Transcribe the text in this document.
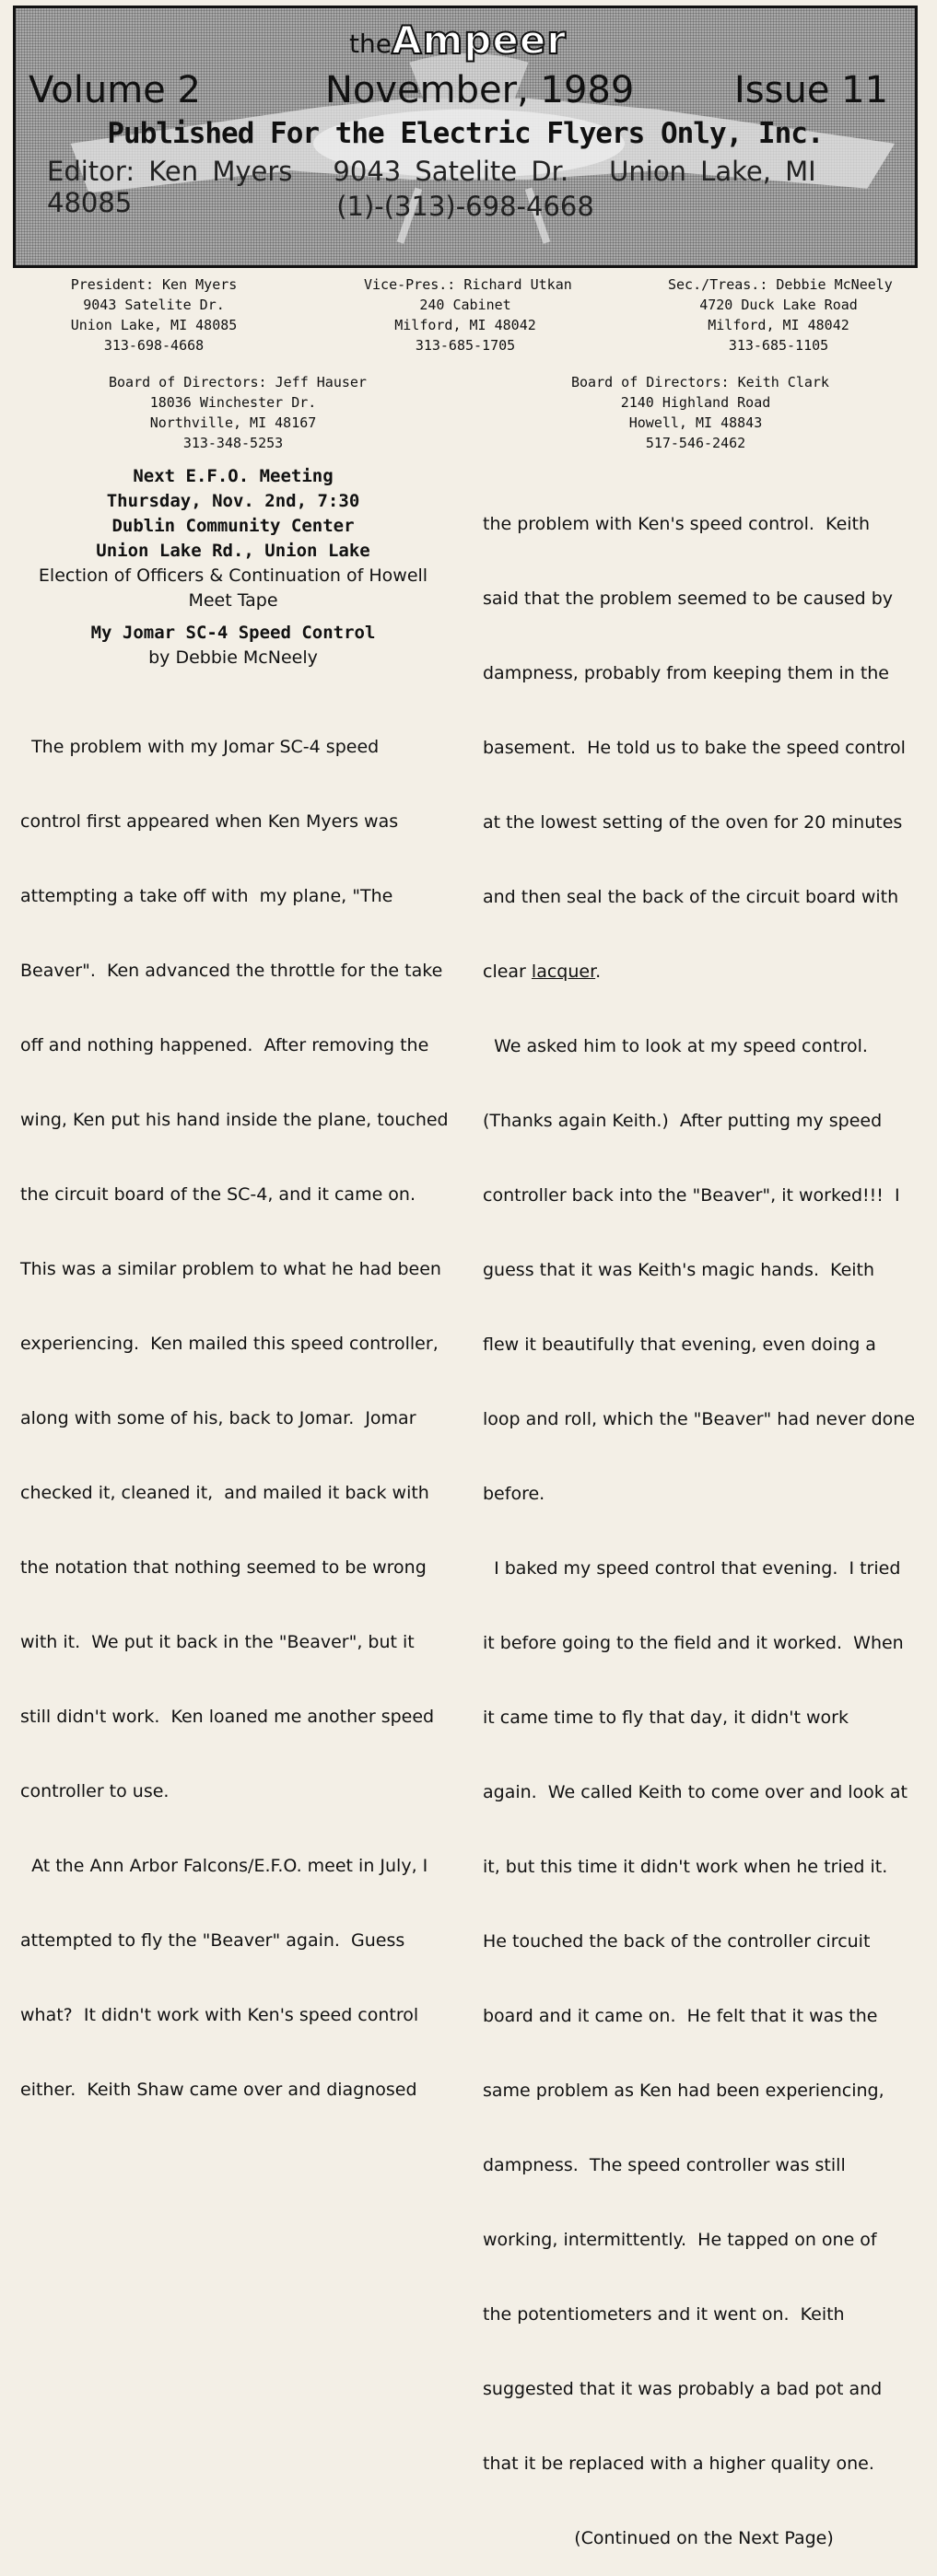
the Ampeer
Volume 2	November, 1989	Issue 11
Published For the Electric Flyers Only, Inc.
Editor: Ken Myers 9043 Satelite Dr. Union Lake, MI 48085	(1)-(313)-698-4668
President: Ken Myers
9043 Satelite Dr.
Union Lake, MI 48085
313-698-4668
Vice-Pres.: Richard Utkan
240 Cabinet
Milford, MI 48042
313-685-1705
Sec./Treas.: Debbie McNeely
4720 Duck Lake Road
Milford, MI 48042
313-685-1105
Board of Directors: Jeff Hauser
18036 Winchester Dr.
Northville, MI 48167
313-348-5253
Board of Directors: Keith Clark
2140 Highland Road
Howell, MI 48843
517-546-2462

Next E.F.O. Meeting

Thursday, Nov. 2nd, 7:30

Dublin Community Center

Union Lake Rd., Union Lake

Election of Officers & Continuation of Howell

Meet Tape

My Jomar SC-4 Speed Control

by Debbie McNeely

The problem with my Jomar SC-4 speed

control first appeared when Ken Myers was

attempting a take off with  my plane, "The

Beaver".  Ken advanced the throttle for the take

off and nothing happened.  After removing the

wing, Ken put his hand inside the plane, touched

the circuit board of the SC-4, and it came on.

This was a similar problem to what he had been

experiencing.  Ken mailed this speed controller,

along with some of his, back to Jomar.  Jomar

checked it, cleaned it,  and mailed it back with

the notation that nothing seemed to be wrong

with it.  We put it back in the "Beaver", but it

still didn't work.  Ken loaned me another speed

controller to use.

At the Ann Arbor Falcons/E.F.O. meet in July, I

attempted to fly the "Beaver" again.  Guess

what?  It didn't work with Ken's speed control

either.  Keith Shaw came over and diagnosed

the problem with Ken's speed control.  Keith

said that the problem seemed to be caused by

dampness, probably from keeping them in the

basement.  He told us to bake the speed control

at the lowest setting of the oven for 20 minutes

and then seal the back of the circuit board with

clear lacquer.

We asked him to look at my speed control.

(Thanks again Keith.)  After putting my speed

controller back into the "Beaver", it worked!!!  I

guess that it was Keith's magic hands.  Keith

flew it beautifully that evening, even doing a

loop and roll, which the "Beaver" had never done

before.

I baked my speed control that evening.  I tried

it before going to the field and it worked.  When

it came time to fly that day, it didn't work

again.  We called Keith to come over and look at

it, but this time it didn't work when he tried it.

He touched the back of the controller circuit

board and it came on.  He felt that it was the

same problem as Ken had been experiencing,

dampness.  The speed controller was still

working, intermittently.  He tapped on one of

the potentiometers and it went on.  Keith

suggested that it was probably a bad pot and

that it be replaced with a higher quality one.

(Continued on the Next Page)
